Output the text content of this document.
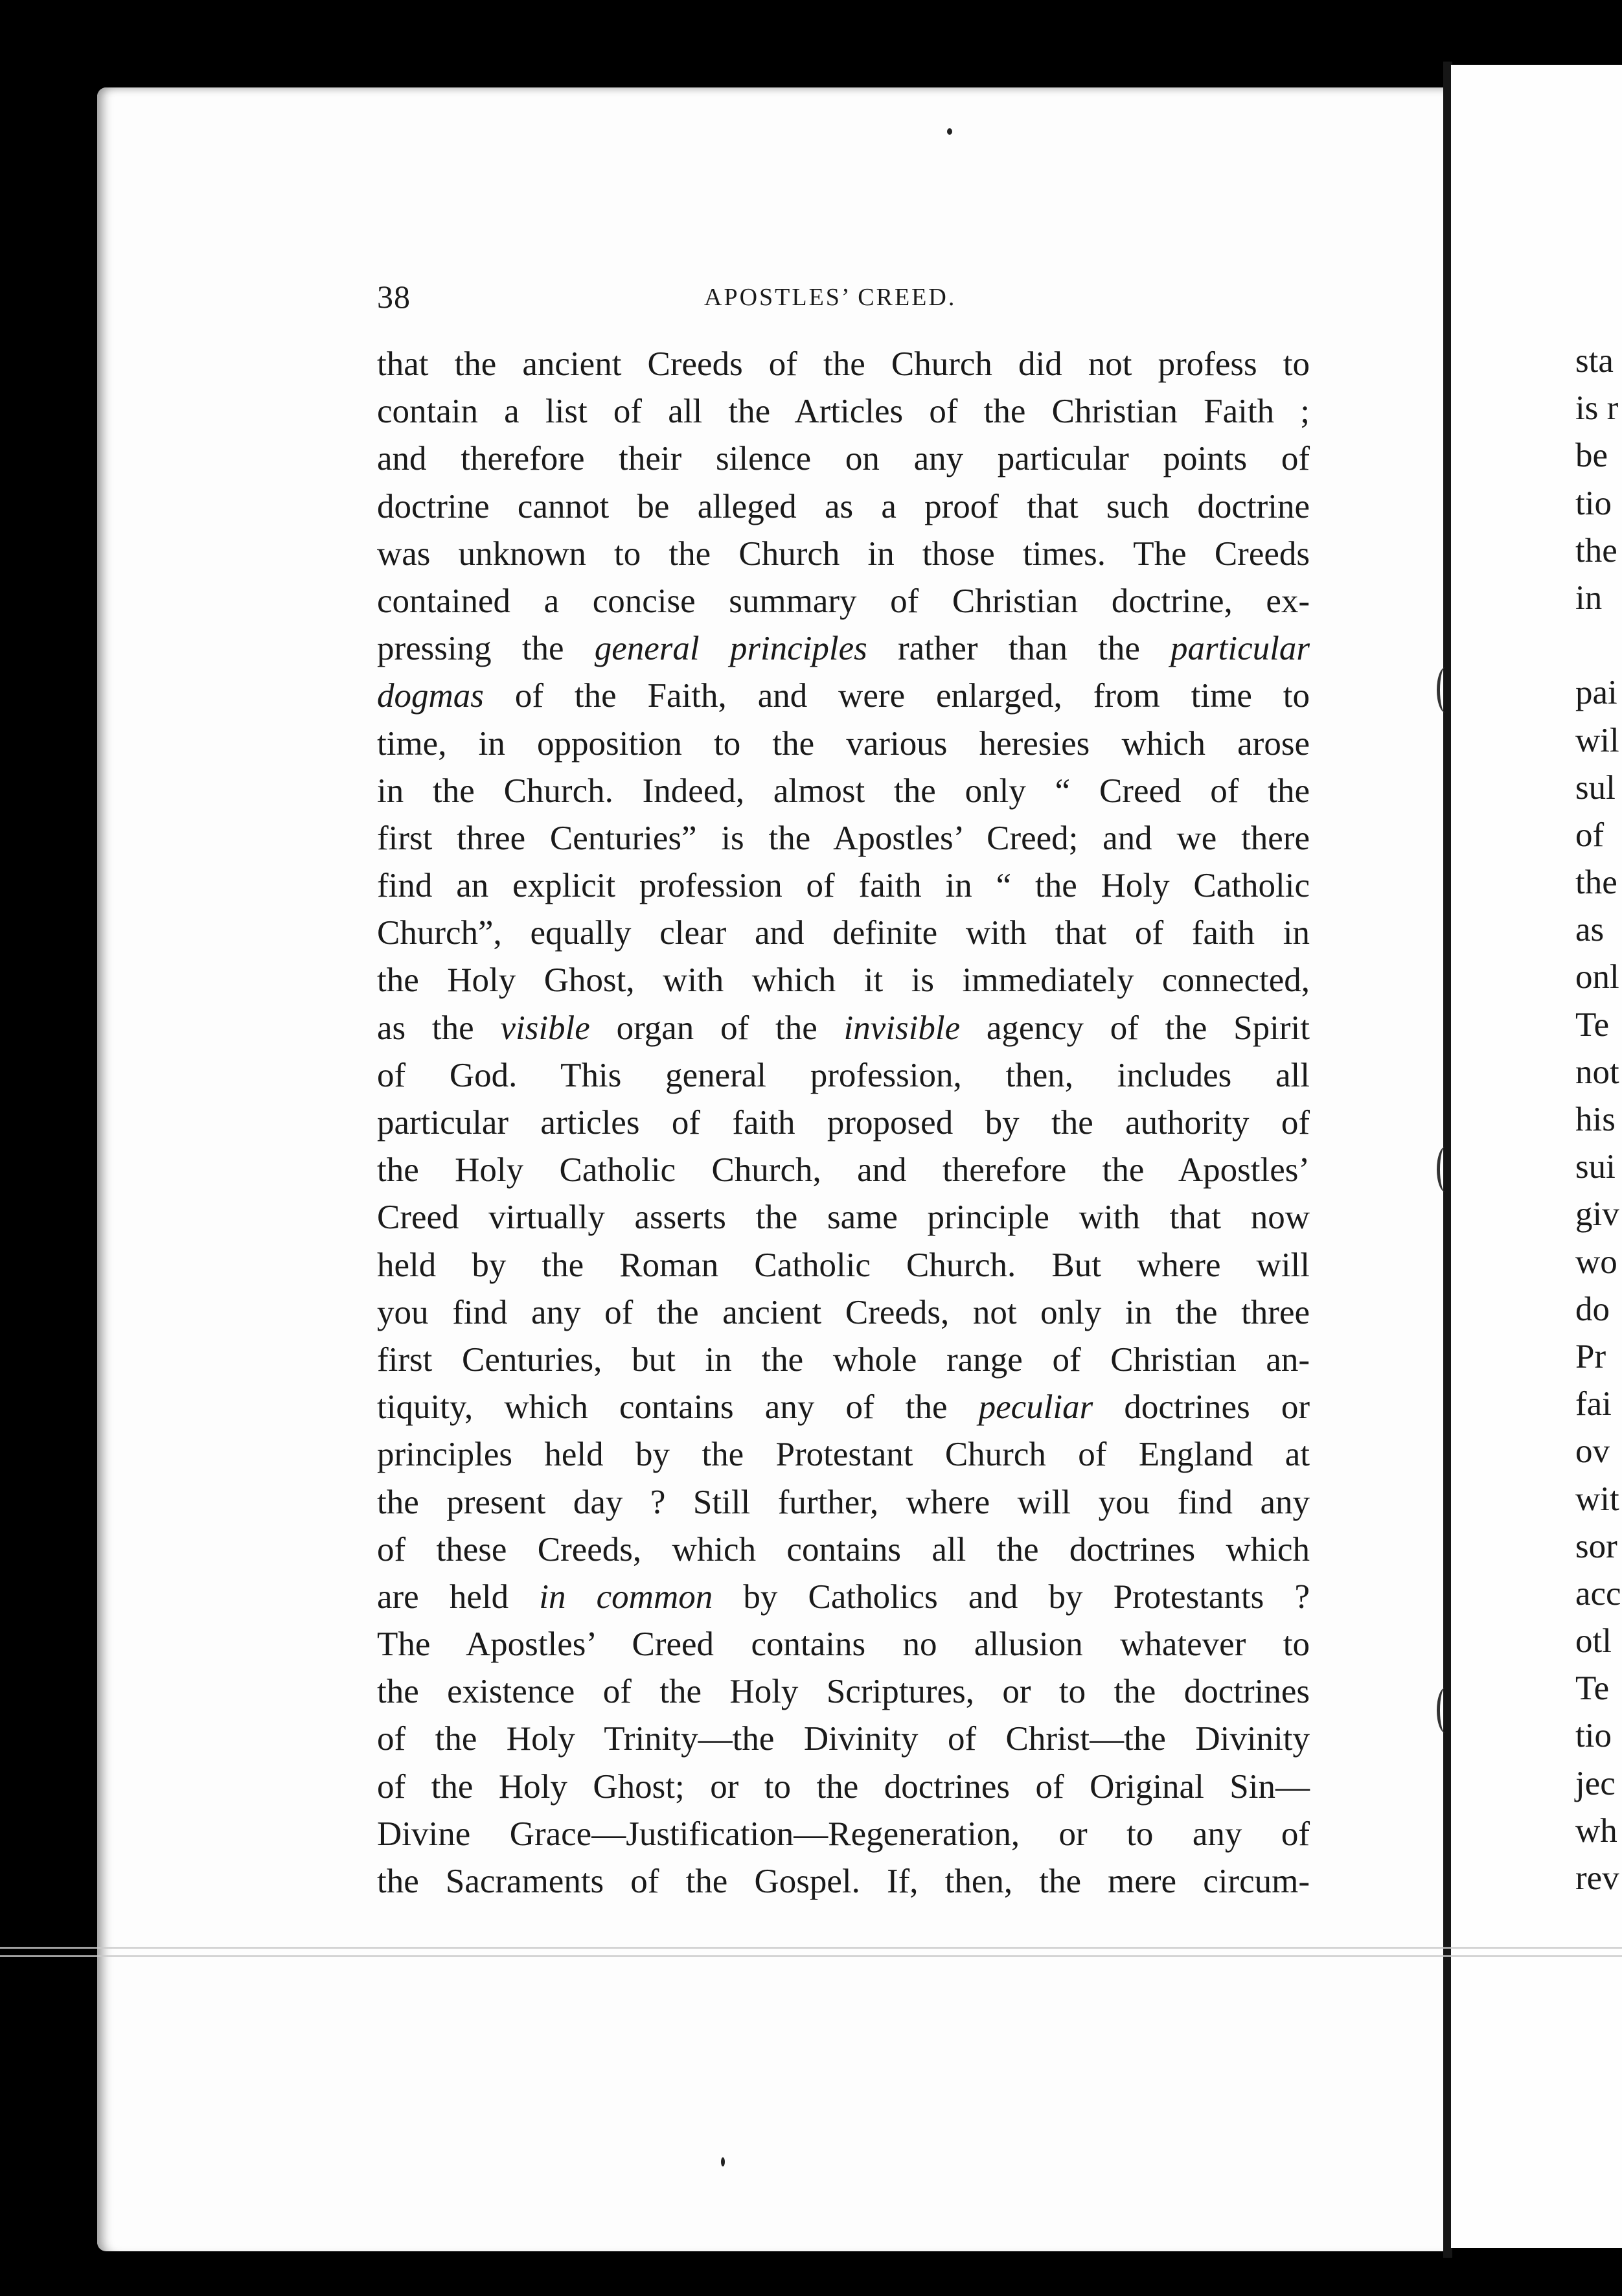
38	APOSTLES’ CREED.
that the ancient Creeds of the Church did not profess to
contain a list of all the Articles of the Christian Faith ;
and therefore their silence on any particular points of
doctrine cannot be alleged as a proof that such doctrine
was unknown to the Church in those times. The Creeds
contained a concise summary of Christian doctrine, ex-
pressing the general principles rather than the particular
dogmas of the Faith, and were enlarged, from time to
time, in opposition to the various heresies which arose
in the Church. Indeed, almost the only “ Creed of the
first three Centuries” is the Apostles’ Creed; and we there
find an explicit profession of faith in “ the Holy Catholic
Church”, equally clear and definite with that of faith in
the Holy Ghost, with which it is immediately connected,
as the visible organ of the invisible agency of the Spirit
of God. This general profession, then, includes all
particular articles of faith proposed by the authority of
the Holy Catholic Church, and therefore the Apostles’
Creed virtually asserts the same principle with that now
held by the Roman Catholic Church. But where will
you find any of the ancient Creeds, not only in the three
first Centuries, but in the whole range of Christian an-
tiquity, which contains any of the peculiar doctrines or
principles held by the Protestant Church of England at
the present day ? Still further, where will you find any
of these Creeds, which contains all the doctrines which
are held in common by Catholics and by Protestants ?
The Apostles’ Creed contains no allusion whatever to
the existence of the Holy Scriptures, or to the doctrines
of the Holy Trinity—the Divinity of Christ—the Divinity
of the Holy Ghost; or to the doctrines of Original Sin—
Divine Grace—Justification—Regeneration, or to any of
the Sacraments of the Gospel. If, then, the mere circum-
sta
is r
be
tio
the
in
pai
wil
sul
of
the
as
onl
Te
not
his
sui
giv
wo
do
Pr
fai
ov
wit
sor
acc
otl
Te
tio
jec
wh
rev
